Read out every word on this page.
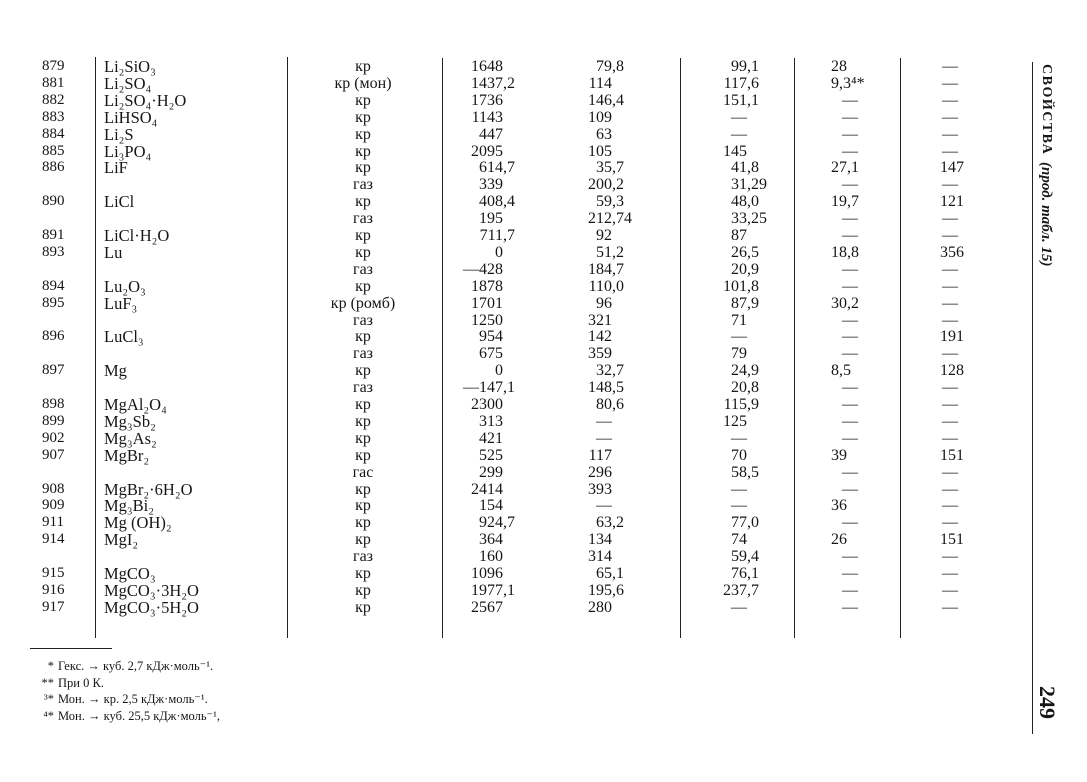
879 Li₂SiO₃	кр	1648	79,8	99,1	28	—
881 Li₂SO₄	кр (мон)	1437,2	114	117,6	9,3⁴*	—
882 Li₂SO₄·H₂O	кр	1736	146,4	151,1	—	—
883 LiHSO₄	кр	1143	109	—	—	—
884 Li₂S	кр	447	63	—	—	—
885 Li₃PO₄	кр	2095	105	145	—	—
886 LiF	кр	614,7	35,7	41,8	27,1	147
газ	339	200,2	31,29	—	—
890 LiCl	кр	408,4	59,3	48,0	19,7	121
газ	195	212,74	33,25	—	—
891 LiCl·H₂O	кр	711,7	92	87	—	—
893 Lu	кр	0	51,2	26,5	18,8	356
газ	—428	184,7	20,9	—	—
894 Lu₂O₃	кр	1878	110,0	101,8	—	—
895 LuF₃	кр (ромб)	1701	96	87,9	30,2	—
газ	1250	321	71	—	—
896 LuCl₃	кр	954	142	—	—	191
газ	675	359	79	—	—
897 Mg	кр	0	32,7	24,9	8,5	128
газ	—147,1	148,5	20,8	—	—
898 MgAl₂O₄	кр	2300	80,6	115,9	—	—
899 Mg₃Sb₂	кр	313	—	125	—	—
902 Mg₃As₂	кр	421	—	—	—	—
907 MgBr₂	кр	525	117	70	39	151
гас	299	296	58,5	—	—
908 MgBr₂·6H₂O	кр	2414	393	—	—	—
909 Mg₃Bi₂	кр	154	—	—	36	—
911 Mg (OH)₂	кр	924,7	63,2	77,0	—	—
914 MgI₂	кр	364	134	74	26	151
газ	160	314	59,4	—	—
915 MgCO₃	кр	1096	65,1	76,1	—	—
916 MgCO₃·3H₂O	кр	1977,1	195,6	237,7	—	—
917 MgCO₃·5H₂O	кр	2567	280	—	—	—
СВОЙСТВА(прод. табл. 15)
249
* Гекс. → куб. 2,7 кДж·моль⁻¹.
** При 0 К.
³* Мон. → кр. 2,5 кДж·моль⁻¹.
⁴* Мон. → куб. 25,5 кДж·моль⁻¹,
